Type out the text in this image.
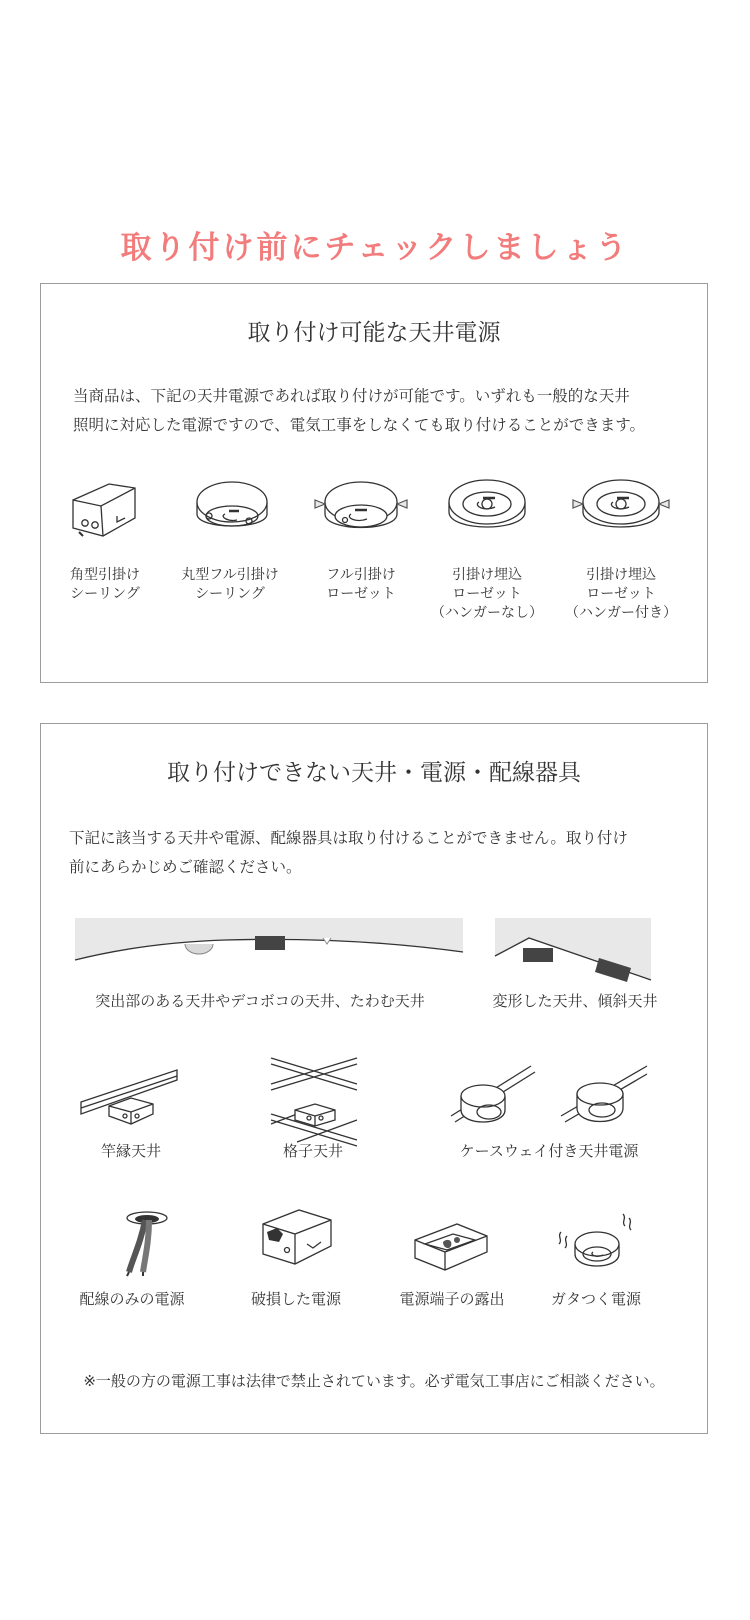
取り付け前にチェックしましょう
取り付け可能な天井電源
当商品は、下記の天井電源であれば取り付けが可能です。いずれも一般的な天井
照明に対応した電源ですので、電気工事をしなくても取り付けることができます。
角型引掛け
シーリング
丸型フル引掛け
シーリング
フル引掛け
ローゼット
引掛け埋込
ローゼット
（ハンガーなし）
引掛け埋込
ローゼット
（ハンガー付き）
取り付けできない天井・電源・配線器具
下記に該当する天井や電源、配線器具は取り付けることができません。取り付け
前にあらかじめご確認ください。
突出部のある天井やデコボコの天井、たわむ天井	変形した天井、傾斜天井
竿縁天井	格子天井	ケースウェイ付き天井電源
配線のみの電源	破損した電源	電源端子の露出	ガタつく電源
※一般の方の電源工事は法律で禁止されています。必ず電気工事店にご相談ください。
